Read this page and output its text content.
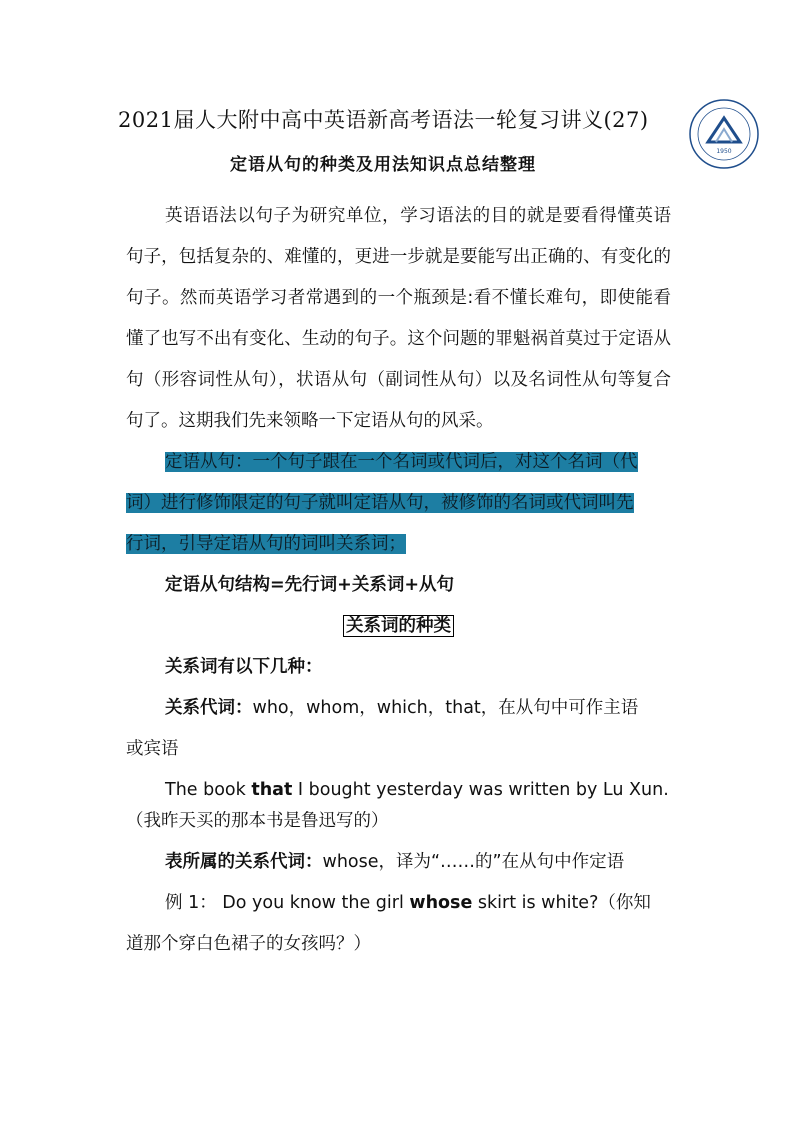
2021届人大附中高中英语新高考语法一轮复习讲义(27)
1950
定语从句的种类及用法知识点总结整理

英语语法以句子为研究单位，学习语法的目的就是要看得懂英语句子，包括复杂的、难懂的，更进一步就是要能写出正确的、有变化的句子。然而英语学习者常遇到的一个瓶颈是:看不懂长难句，即使能看懂了也写不出有变化、生动的句子。这个问题的罪魁祸首莫过于定语从句（形容词性从句），状语从句（副词性从句）以及名词性从句等复合句了。这期我们先来领略一下定语从句的风采。

定语从句：一个句子跟在一个名词或代词后，对这个名词（代
词）进行修饰限定的句子就叫定语从句，被修饰的名词或代词叫先
行词，引导定语从句的词叫关系词；

定语从句结构=先行词+关系词+从句

关系词的种类

关系词有以下几种：

关系代词：who，whom，which，that，在从句中可作主语

或宾语

The book that I bought yesterday was written by Lu Xun.

（我昨天买的那本书是鲁迅写的）

表所属的关系代词：whose，译为“……的”在从句中作定语

例 1： Do you know the girl whose skirt is white?（你知

道那个穿白色裙子的女孩吗？）
